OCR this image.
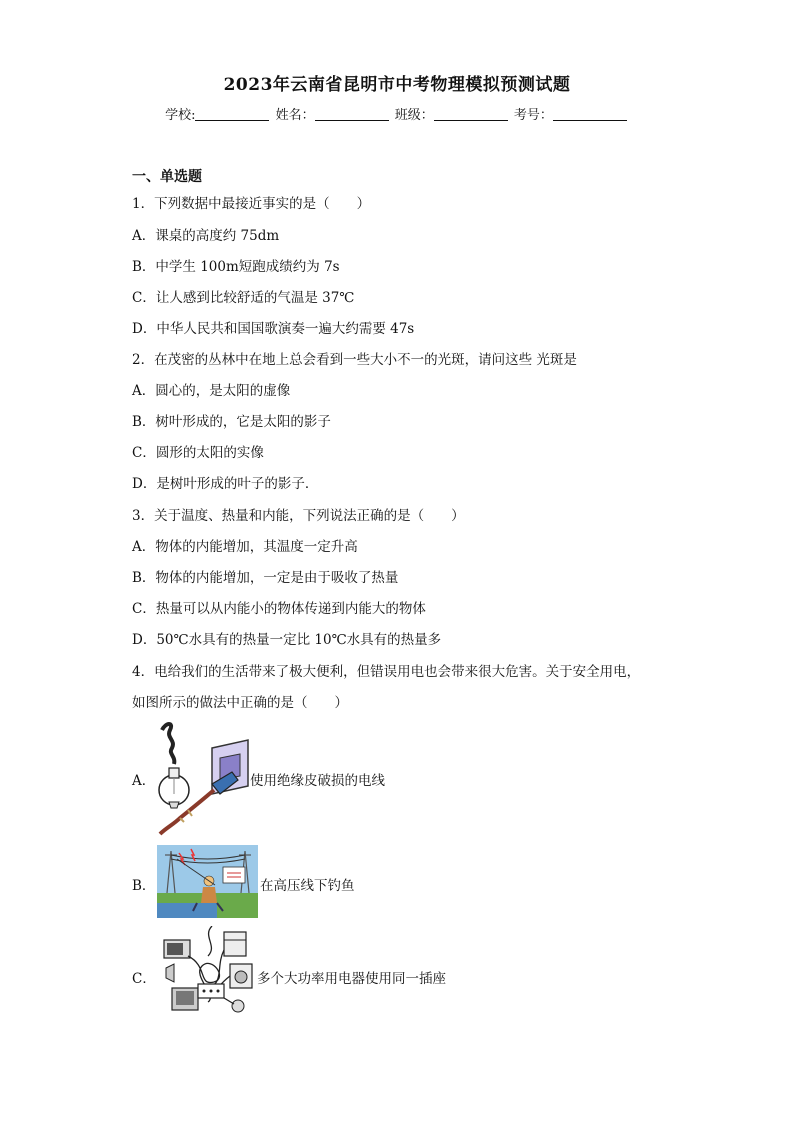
2023年云南省昆明市中考物理模拟预测试题
学校:	姓名：	班级：	考号：
一、单选题
1．下列数据中最接近事实的是（　　）
A．课桌的高度约 75dm
B．中学生 100m短跑成绩约为 7s
C．让人感到比较舒适的气温是 37℃
D．中华人民共和国国歌演奏一遍大约需要 47s
2．在茂密的丛林中在地上总会看到一些大小不一的光斑，请问这些 光斑是
A．圆心的，是太阳的虚像
B．树叶形成的，它是太阳的影子
C．圆形的太阳的实像
D．是树叶形成的叶子的影子．
3．关于温度、热量和内能，下列说法正确的是（　　）
A．物体的内能增加，其温度一定升高
B．物体的内能增加，一定是由于吸收了热量
C．热量可以从内能小的物体传递到内能大的物体
D．50℃水具有的热量一定比 10℃水具有的热量多
4．电给我们的生活带来了极大便利，但错误用电也会带来很大危害。关于安全用电，
如图所示的做法中正确的是（　　）
A．	使用绝缘皮破损的电线
B．	在高压线下钓鱼
C．	多个大功率用电器使用同一插座
